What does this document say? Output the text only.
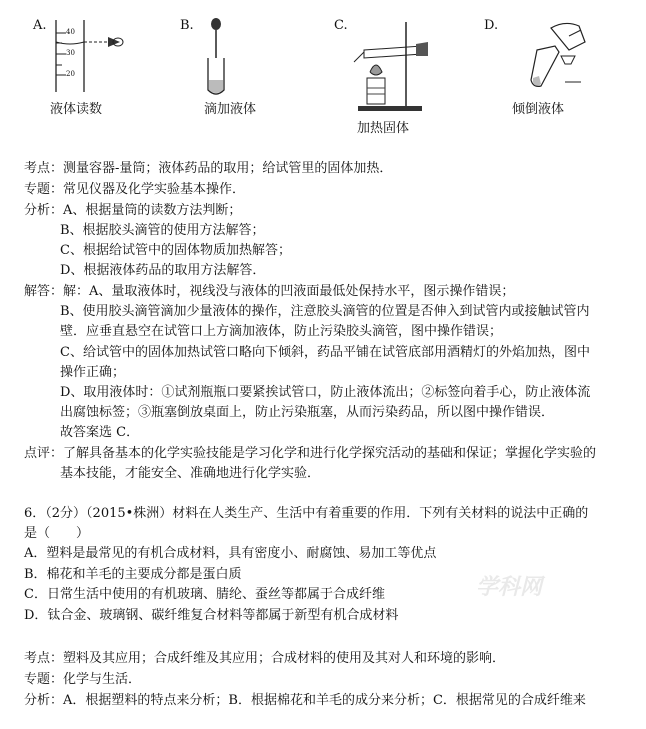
A.	40
30
20
液体读数
B.
滴加液体
C.
加热固体
D.
倾倒液体
考点：测量容器-量筒；液体药品的取用；给试管里的固体加热．
专题：常见仪器及化学实验基本操作．
分析：A、根据量筒的读数方法判断；
B、根据胶头滴管的使用方法解答；
C、根据给试管中的固体物质加热解答；
D、根据液体药品的取用方法解答．
解答：解：A、量取液体时，视线没与液体的凹液面最低处保持水平，图示操作错误；
B、使用胶头滴管滴加少量液体的操作，注意胶头滴管的位置是否伸入到试管内或接触试管内
壁．应垂直悬空在试管口上方滴加液体，防止污染胶头滴管，图中操作错误；
C、给试管中的固体加热试管口略向下倾斜，药品平铺在试管底部用酒精灯的外焰加热，图中
操作正确；
D、取用液体时：①试剂瓶瓶口要紧挨试管口，防止液体流出；②标签向着手心，防止液体流
出腐蚀标签；③瓶塞倒放桌面上，防止污染瓶塞，从而污染药品，所以图中操作错误．
故答案选 C．
点评：了解具备基本的化学实验技能是学习化学和进行化学探究活动的基础和保证；掌握化学实验的
基本技能，才能安全、准确地进行化学实验．
学科网
6．（2分）（2015•株洲）材料在人类生产、生活中有着重要的作用．下列有关材料的说法中正确的
是（　　）
A．塑料是最常见的有机合成材料，具有密度小、耐腐蚀、易加工等优点
B．棉花和羊毛的主要成分都是蛋白质
C．日常生活中使用的有机玻璃、腈纶、蚕丝等都属于合成纤维
D．钛合金、玻璃钢、碳纤维复合材料等都属于新型有机合成材料
考点：塑料及其应用；合成纤维及其应用；合成材料的使用及其对人和环境的影响．
专题：化学与生活．
分析：A．根据塑料的特点来分析；B．根据棉花和羊毛的成分来分析；C．根据常见的合成纤维来
